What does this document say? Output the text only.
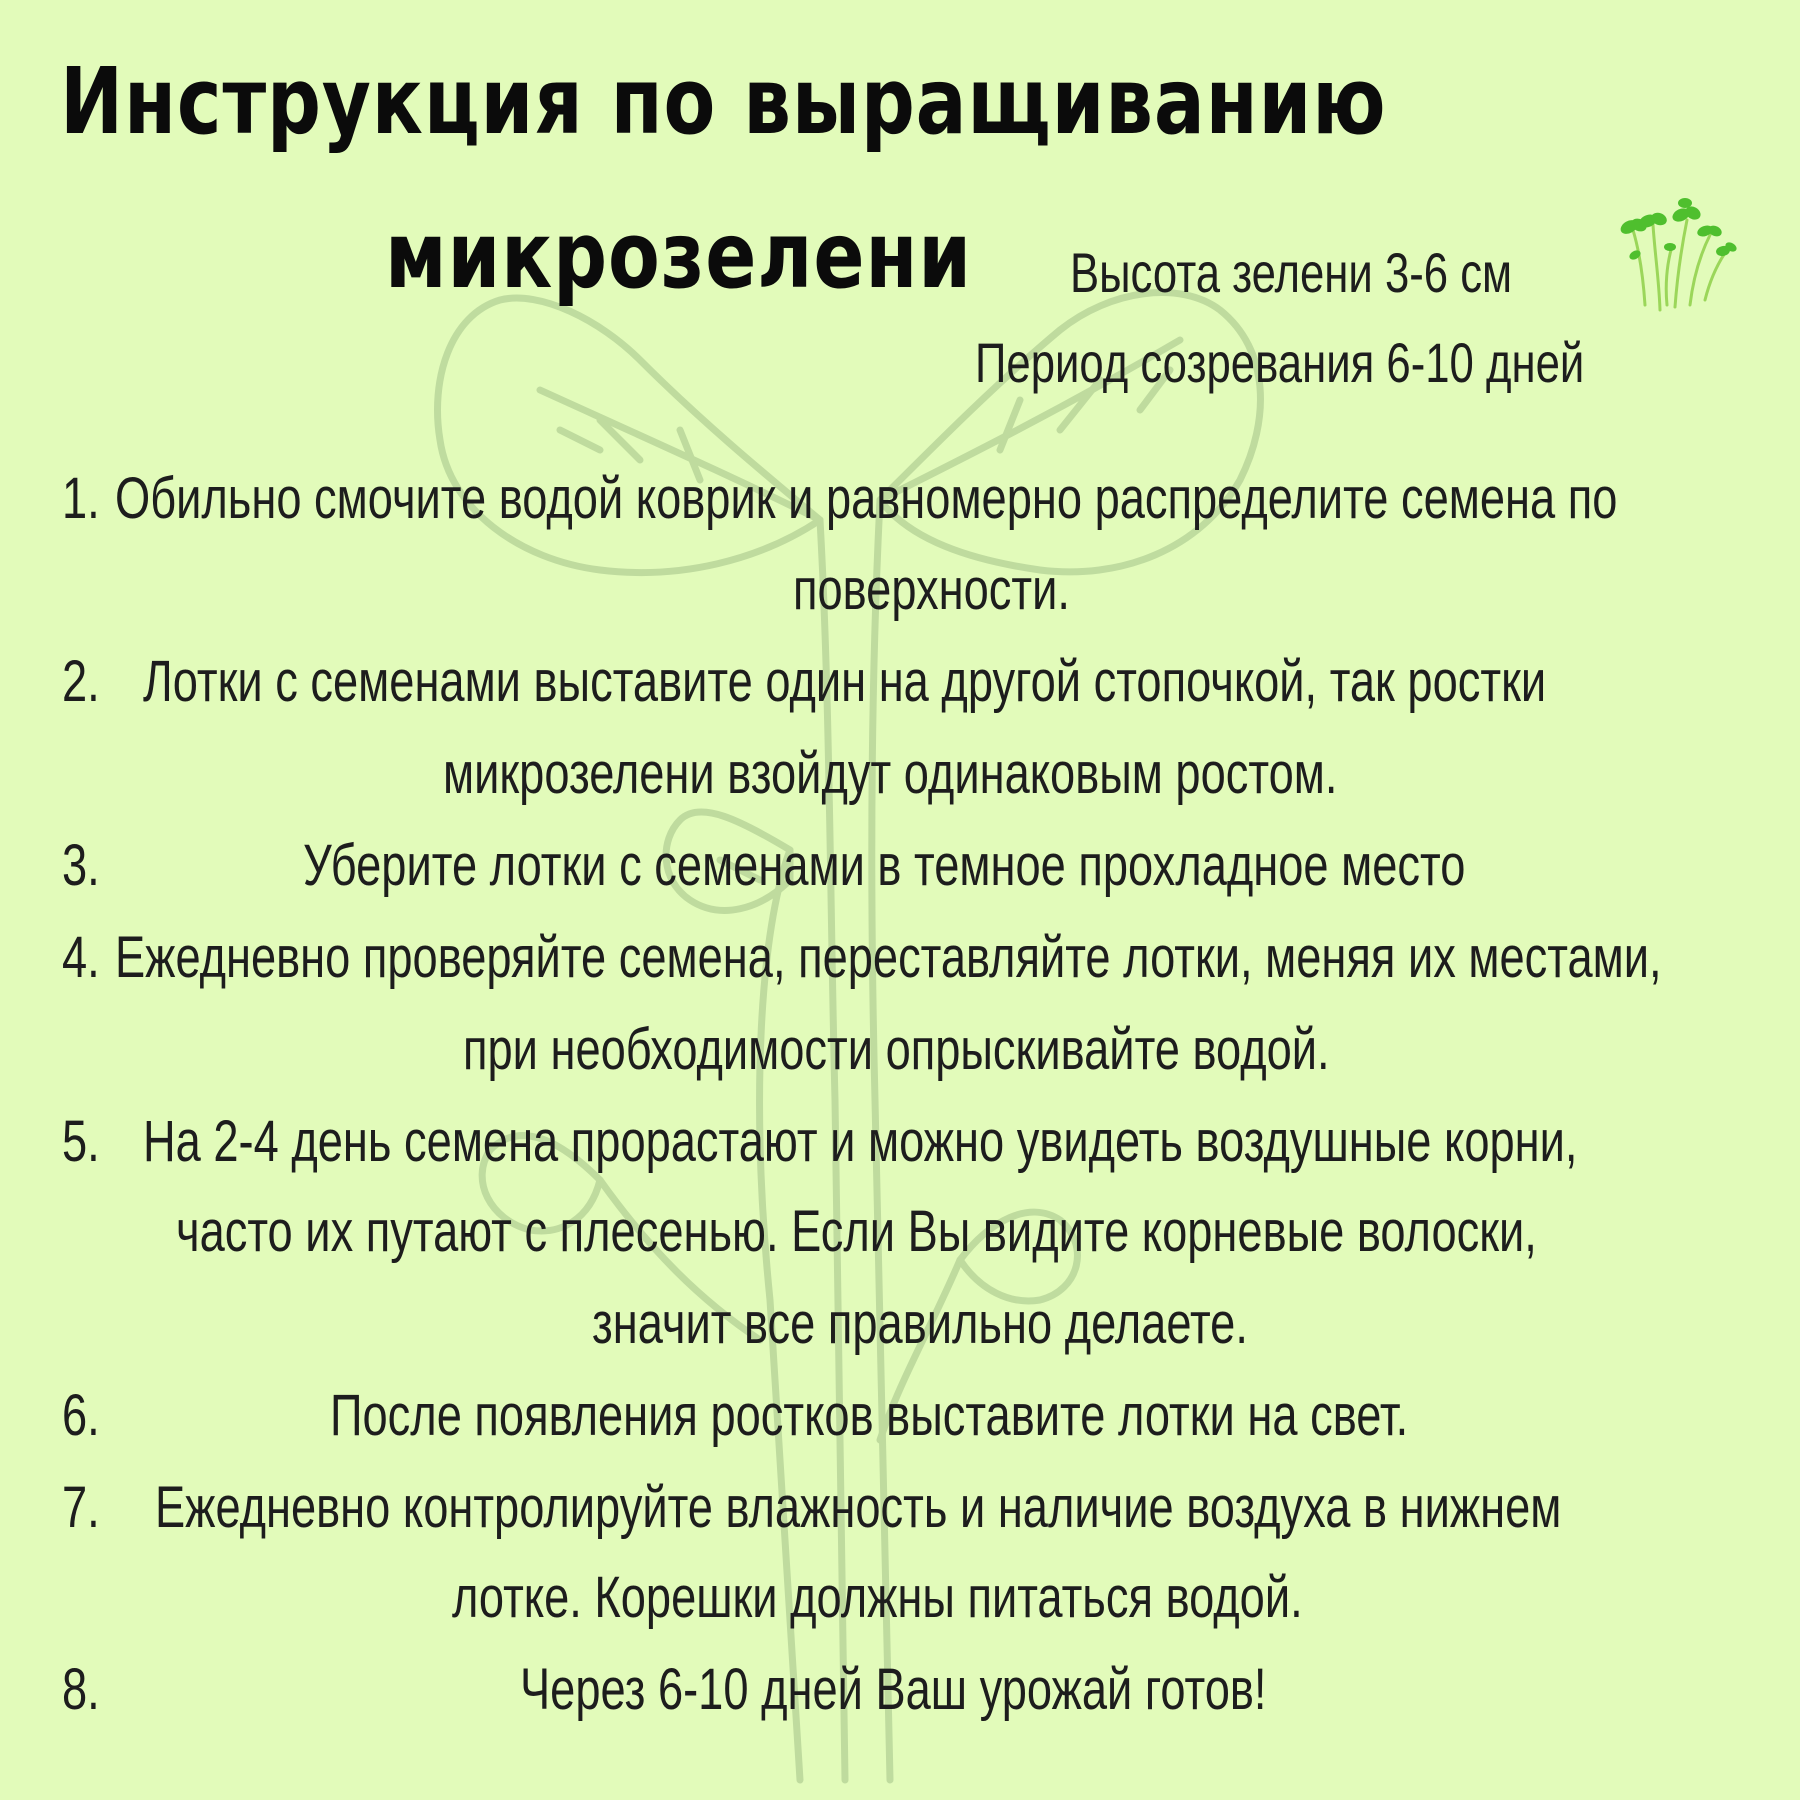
Инструкция по выращиванию
микрозелени Высота зелени 3-6 см
Период созревания 6-10 дней
1. Обильно смочите водой коврик и равномерно распределите семена по
поверхности.
2. Лотки с семенами выставите один на другой стопочкой, так ростки
микрозелени взойдут одинаковым ростом.
3.	Уберите лотки с семенами в темное прохладное место
4. Ежедневно проверяйте семена, переставляйте лотки, меняя их местами,
при необходимости опрыскивайте водой.
5. На 2-4 день семена прорастают и можно увидеть воздушные корни,
часто их путают с плесенью. Если Вы видите корневые волоски,
значит все правильно делаете.
6.	После появления ростков выставите лотки на свет.
7. Ежедневно контролируйте влажность и наличие воздуха в нижнем
лотке. Корешки должны питаться водой.
8.	Через 6-10 дней Ваш урожай готов!
